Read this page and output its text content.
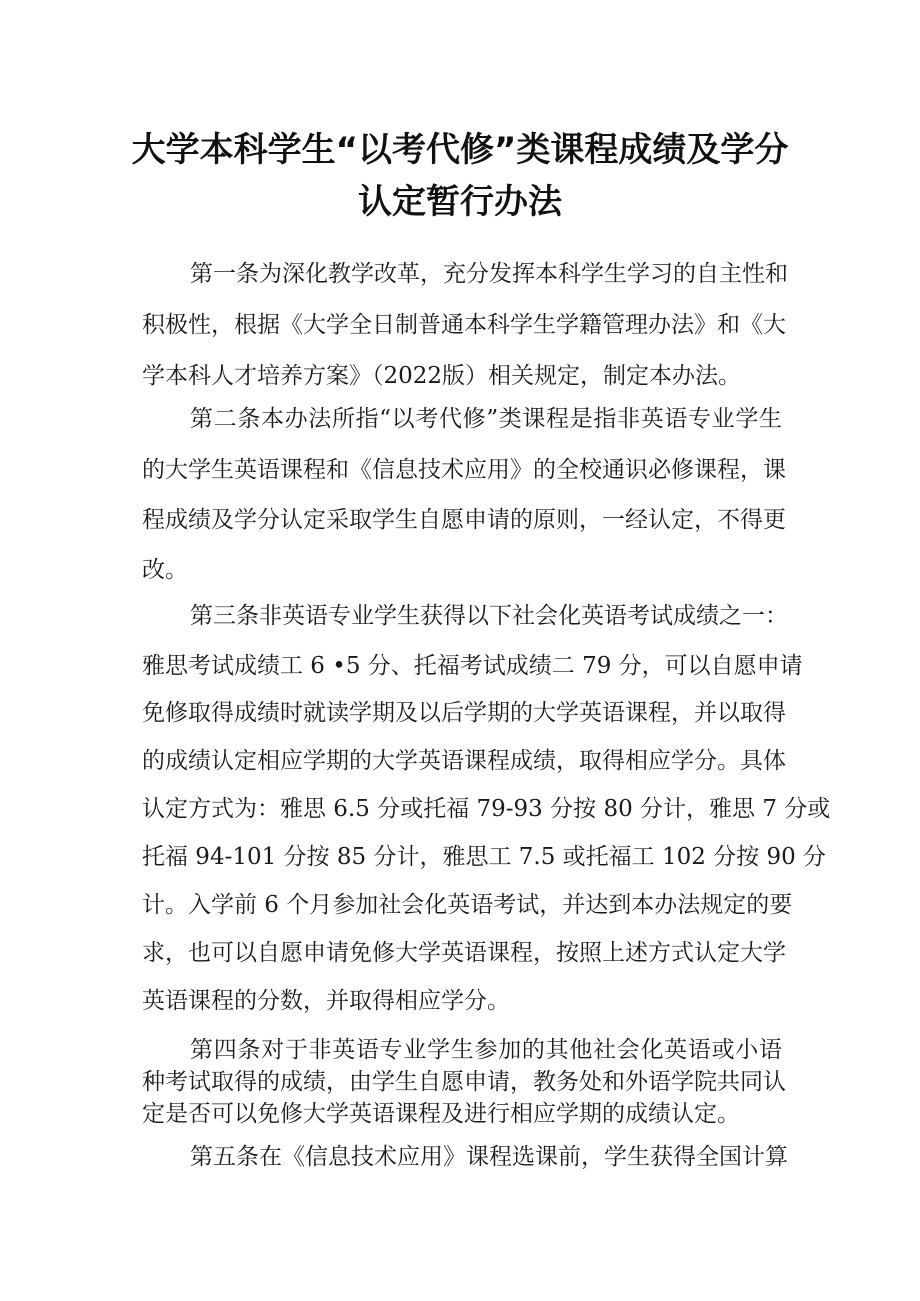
大学本科学生“以考代修”类课程成绩及学分
认定暂行办法

第一条为深化教学改革，充分发挥本科学生学习的自主性和

积极性，根据《大学全日制普通本科学生学籍管理办法》和《大

学本科人才培养方案》（2022版）相关规定，制定本办法。

第二条本办法所指“以考代修”类课程是指非英语专业学生

的大学生英语课程和《信息技术应用》的全校通识必修课程，课

程成绩及学分认定采取学生自愿申请的原则，一经认定，不得更

改。

第三条非英语专业学生获得以下社会化英语考试成绩之一：

雅思考试成绩工 6 •5 分、托福考试成绩二 79 分，可以自愿申请

免修取得成绩时就读学期及以后学期的大学英语课程，并以取得

的成绩认定相应学期的大学英语课程成绩，取得相应学分。具体

认定方式为：雅思 6.5 分或托福 79-93 分按 80 分计，雅思 7 分或

托福 94-101 分按 85 分计，雅思工 7.5 或托福工 102 分按 90 分

计。入学前 6 个月参加社会化英语考试，并达到本办法规定的要

求，也可以自愿申请免修大学英语课程，按照上述方式认定大学

英语课程的分数，并取得相应学分。

第四条对于非英语专业学生参加的其他社会化英语或小语

种考试取得的成绩，由学生自愿申请，教务处和外语学院共同认

定是否可以免修大学英语课程及进行相应学期的成绩认定。

第五条在《信息技术应用》课程选课前，学生获得全国计算
